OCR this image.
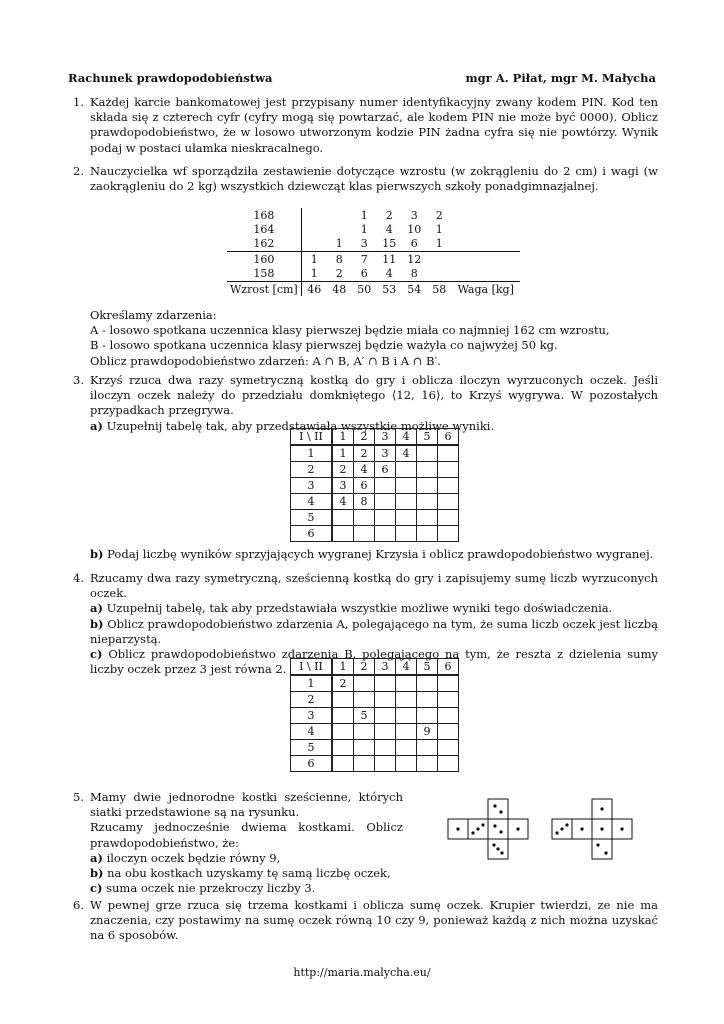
Rachunek prawdopodobieństwa	mgr A. Piłat, mgr M. Małycha
1. Każdej karcie bankomatowej jest przypisany numer identyfikacyjny zwany kodem PIN. Kod ten składa się z czterech cyfr (cyfry mogą się powtarzać, ale kodem PIN nie może być 0000). Oblicz prawdopodobieństwo, że w losowo utworzonym kodzie PIN żadna cyfra się nie powtórzy. Wynik podaj w postaci ułamka nieskracalnego.

2. Nauczycielka wf sporządziła zestawienie dotyczące wzrostu (w zokrągleniu do 2 cm) i wagi (w zaokrągleniu do 2 kg) wszystkich dziewcząt klas pierwszych szkoły ponadgimnazjalnej.

168			1	2	3	2	
164			1	4	10	1	
162		1	3	15	6	1	
160	1	8	7	11	12		
158	1	2	6	4	8		
Wzrost [cm]	46	48	50	53	54	58	Waga [kg]

Określamy zdarzenia:

A - losowo spotkana uczennica klasy pierwszej będzie miała co najmniej 162 cm wzrostu,

B - losowo spotkana uczennica klasy pierwszej będzie ważyła co najwyżej 50 kg.

Oblicz prawdopodobieństwo zdarzeń: A ∩ B, A′ ∩ B i A ∩ B′.

3. Krzyś rzuca dwa razy symetryczną kostką do gry i oblicza iloczyn wyrzuconych oczek. Jeśli iloczyn oczek należy do przedziału domkniętego ⟨12, 16⟩, to Krzyś wygrywa. W pozostałych przypadkach przegrywa.

a) Uzupełnij tabelę tak, aby przedstawiała wszystkie możliwe wyniki.

I \ II	1	2	3	4	5	6
1	1	2	3	4		
2	2	4	6			
3	3	6				
4	4	8				
5						
6						

b) Podaj liczbę wyników sprzyjających wygranej Krzysia i oblicz prawdopodobieństwo wygranej.

4. Rzucamy dwa razy symetryczną, sześcienną kostką do gry i zapisujemy sumę liczb wyrzuconych oczek.

a) Uzupełnij tabelę, tak aby przedstawiała wszystkie możliwe wyniki tego doświadczenia.

b) Oblicz prawdopodobieństwo zdarzenia A, polegającego na tym, że suma liczb oczek jest liczbą nieparzystą.

c) Oblicz prawdopodobieństwo zdarzenia B, polegającego na tym, że reszta z dzielenia sumy liczby oczek przez 3 jest równa 2.	I \ II	1	2	3	4	5	6
1	2					
2						
3		5				
4					9	
5						
6						
5. Mamy dwie jednorodne kostki sześcienne, których siatki przedstawione są na rysunku.

Rzucamy jednocześnie dwiema kostkami. Oblicz prawdopodobieństwo, że:

a) iloczyn oczek będzie równy 9,

b) na obu kostkach uzyskamy tę samą liczbę oczek,

c) suma oczek nie przekroczy liczby 3.

6. W pewnej grze rzuca się trzema kostkami i oblicza sumę oczek. Krupier twierdzi, ze nie ma znaczenia, czy postawimy na sumę oczek równą 10 czy 9, ponieważ każdą z nich można uzyskać na 6 sposobów.

http://maria.malycha.eu/
